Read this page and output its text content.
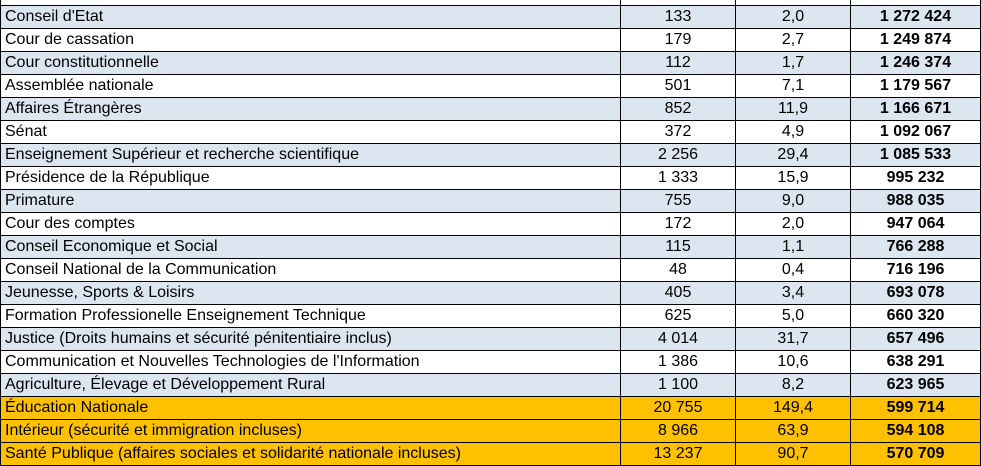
Conseil d'Etat	133	2,0	1 272 424
Cour de cassation	179	2,7	1 249 874
Cour constitutionnelle	112	1,7	1 246 374
Assemblée nationale	501	7,1	1 179 567
Affaires Étrangères	852	11,9	1 166 671
Sénat	372	4,9	1 092 067
Enseignement Supérieur et recherche scientifique	2 256	29,4	1 085 533
Présidence de la République	1 333	15,9	995 232
Primature	755	9,0	988 035
Cour des comptes	172	2,0	947 064
Conseil Economique et Social	115	1,1	766 288
Conseil National de la Communication	48	0,4	716 196
Jeunesse, Sports & Loisirs	405	3,4	693 078
Formation Professionelle Enseignement Technique	625	5,0	660 320
Justice (Droits humains et sécurité pénitentiaire inclus)	4 014	31,7	657 496
Communication et Nouvelles Technologies de l'Information	1 386	10,6	638 291
Agriculture, Élevage et Développement Rural	1 100	8,2	623 965
Éducation Nationale	20 755	149,4	599 714
Intérieur (sécurité et immigration incluses)	8 966	63,9	594 108
Santé Publique (affaires sociales et solidarité nationale incluses)	13 237	90,7	570 709
